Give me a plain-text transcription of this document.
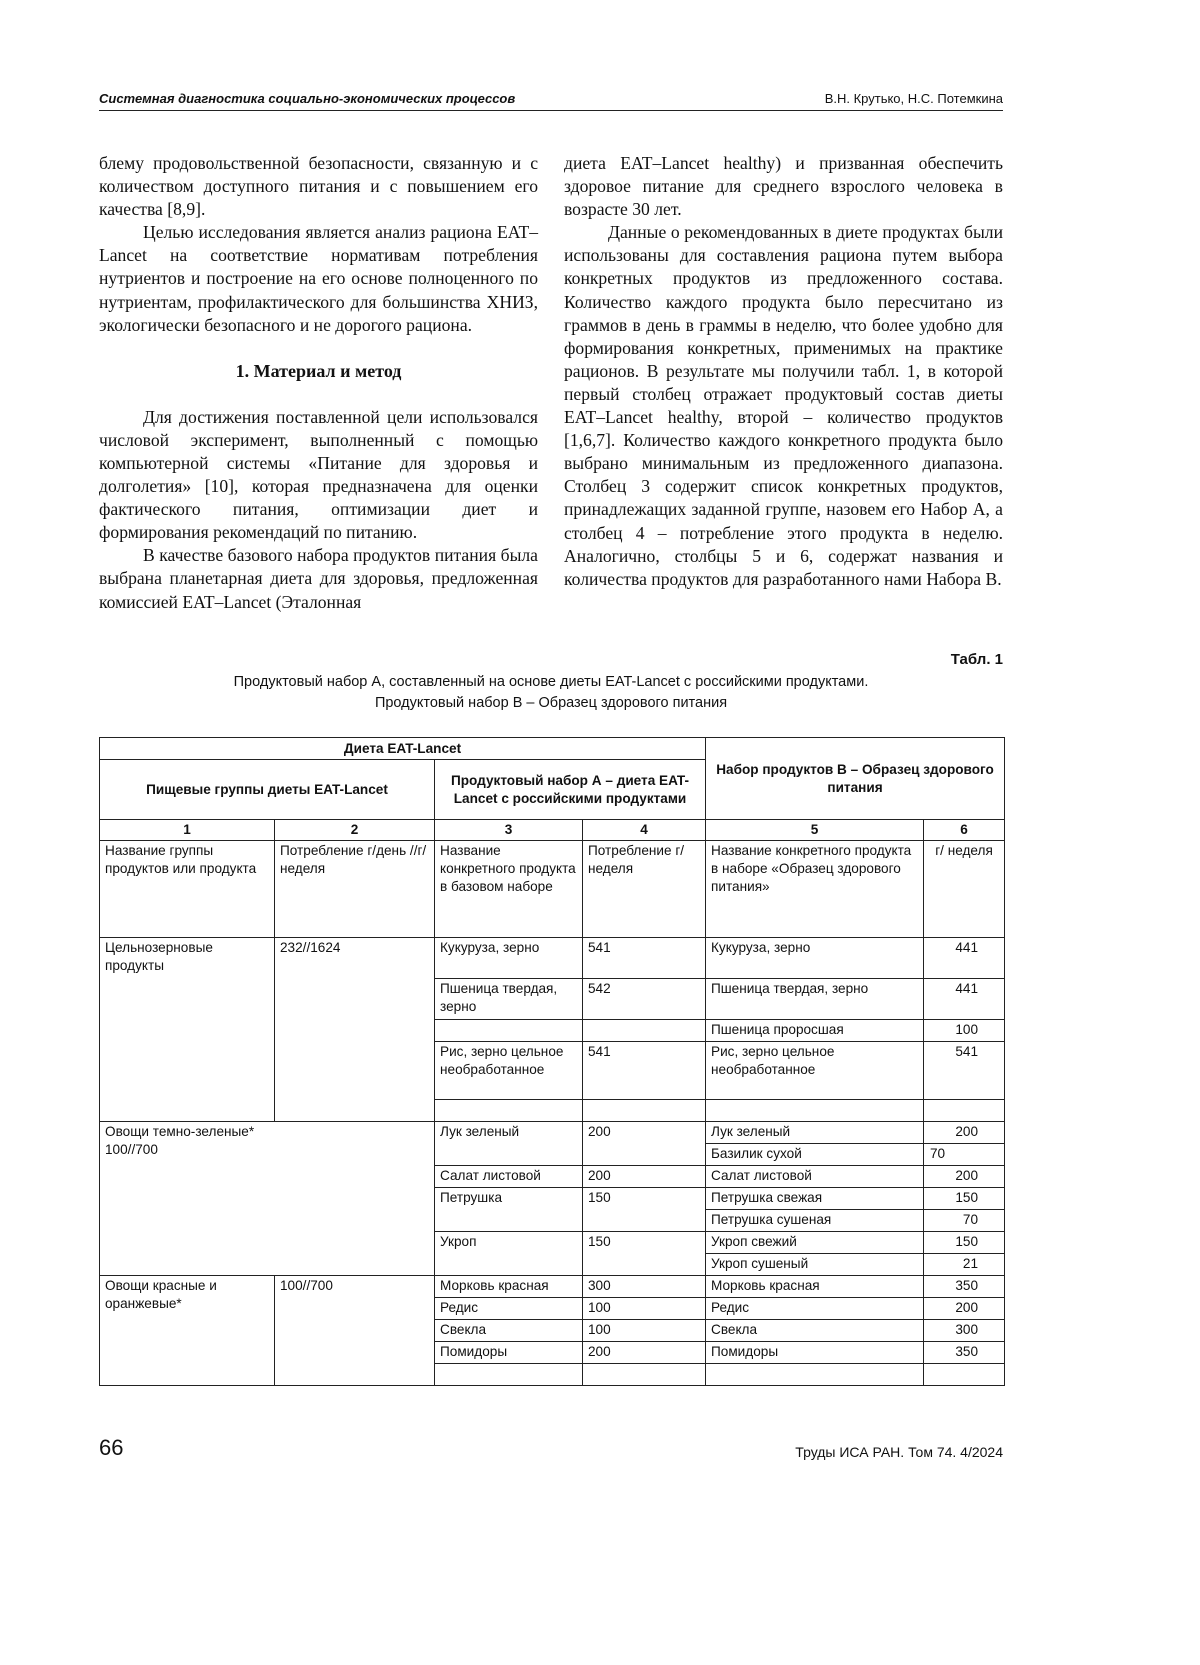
Системная диагностика социально-экономических процессов	В.Н. Крутько, Н.С. Потемкина

блему продовольственной безопасности, связанную и с количеством доступного питания и с повышением его качества [8,9].

Целью исследования является анализ рациона EAT–Lancet на соответствие нормативам потребления нутриентов и построение на его основе полноценного по нутриентам, профилактического для большинства ХНИЗ, экологически безопасного и не дорогого рациона.

1. Материал и метод

Для достижения поставленной цели использовался числовой эксперимент, выполненный с помощью компьютерной системы «Питание для здоровья и долголетия» [10], которая предназначена для оценки фактического питания, оптимизации диет и формирования рекомендаций по питанию.

В качестве базового набора продуктов питания была выбрана планетарная диета для здоровья, предложенная комиссией EAT–Lancet (Эталонная

диета EAT–Lancet healthy) и призванная обеспечить здоровое питание для среднего взрослого человека в возрасте 30 лет.

Данные о рекомендованных в диете продуктах были использованы для составления рациона путем выбора конкретных продуктов из предложенного состава. Количество каждого продукта было пересчитано из граммов в день в граммы в неделю, что более удобно для формирования конкретных, применимых на практике рационов. В результате мы получили табл. 1, в которой первый столбец отражает продуктовый состав диеты EAT–Lancet healthy, второй – количество продуктов [1,6,7]. Количество каждого конкретного продукта было выбрано минимальным из предложенного диапазона. Столбец 3 содержит список конкретных продуктов, принадлежащих заданной группе, назовем его Набор А, а столбец 4 – потребление этого продукта в неделю. Аналогично, столбцы 5 и 6, содержат названия и количества продуктов для разработанного нами Набора В.

Табл. 1
Продуктовый набор А, составленный на основе диеты EAT-Lancet с российскими продуктами.
Продуктовый набор В – Образец здорового питания
Диета EAT-Lancet	Набор продуктов В – Образец здорового питания
Пищевые группы диеты EAT-Lancet	Продуктовый набор А – диета EAT-Lancet с российскими продуктами
1	2	3	4	5	6
Название группы продуктов или продукта	Потребление г/день //г/неделя	Название конкретного продукта в базовом наборе	Потребление г/неделя	Название конкретного продукта в наборе «Образец здорового питания»	г/ неделя
Цельнозерновые продукты	232//1624	Кукуруза, зерно	541	Кукуруза, зерно	441
Пшеница твердая, зерно	542	Пшеница твердая, зерно	441
		Пшеница проросшая	100
Рис, зерно цельное необработанное	541	Рис, зерно цельное необработанное	541

Овощи темно-зеленые*
100//700
	Лук зеленый	200	Лук зеленый	200
Базилик сухой	70
Салат листовой	200	Салат листовой	200
Петрушка	150	Петрушка свежая	150
Петрушка сушеная	70
Укроп	150	Укроп свежий	150
Укроп сушеный	21
Овощи красные и оранжевые*	100//700	Морковь красная	300	Морковь красная	350
Редис	100	Редис	200
Свекла	100	Свекла	300
Помидоры	200	Помидоры	350

66	Труды ИСА РАН. Том 74. 4/2024
